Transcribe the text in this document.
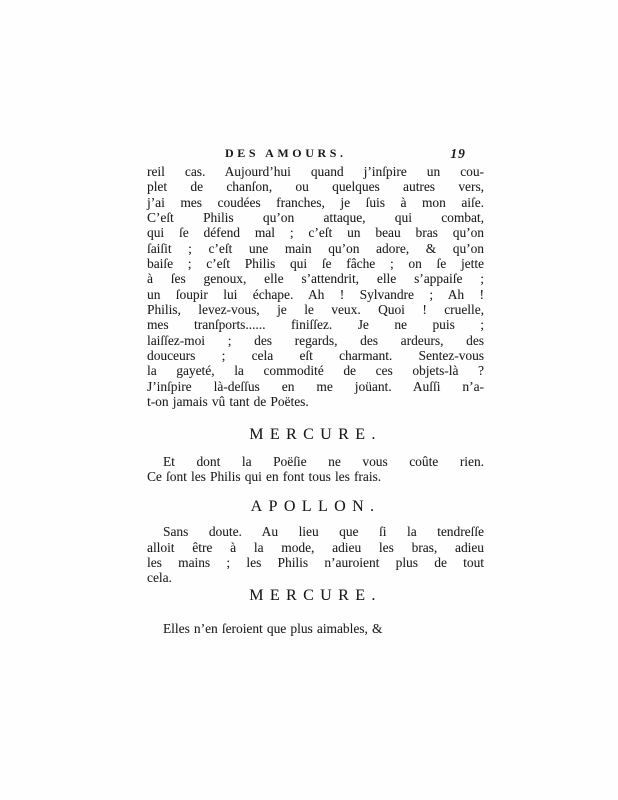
DES AMOURS.	19

reil cas. Aujourd’hui quand j’inſpire un cou-

plet de chanſon, ou quelques autres vers,

j’ai mes coudées franches, je ſuis à mon aiſe.

C’eſt Philis qu’on attaque, qui combat,

qui ſe défend mal ; c’eſt un beau bras qu’on

ſaiſit ; c’eſt une main qu’on adore, & qu’on

baiſe ; c’eſt Philis qui ſe fâche ; on ſe jette

à ſes genoux, elle s’attendrit, elle s’appaiſe ;

un ſoupir lui échape. Ah ! Sylvandre ; Ah !

Philis, levez-vous, je le veux. Quoi ! cruelle,

mes tranſports...... finiſſez. Je ne puis ;

laiſſez-moi ; des regards, des ardeurs, des

douceurs ; cela eſt charmant. Sentez-vous

la gayeté, la commodité de ces objets-là ?

J’inſpire là-deſſus en me joüant. Auſſi n’a-

t-on jamais vû tant de Poëtes.

MERCURE.

Et dont la Poëſie ne vous coûte rien.

Ce ſont les Philis qui en font tous les frais.

APOLLON.

Sans doute. Au lieu que ſi la tendreſſe

alloit être à la mode, adieu les bras, adieu

les mains ; les Philis n’auroient plus de tout

cela.

MERCURE.

Elles n’en ſeroient que plus aimables, &
